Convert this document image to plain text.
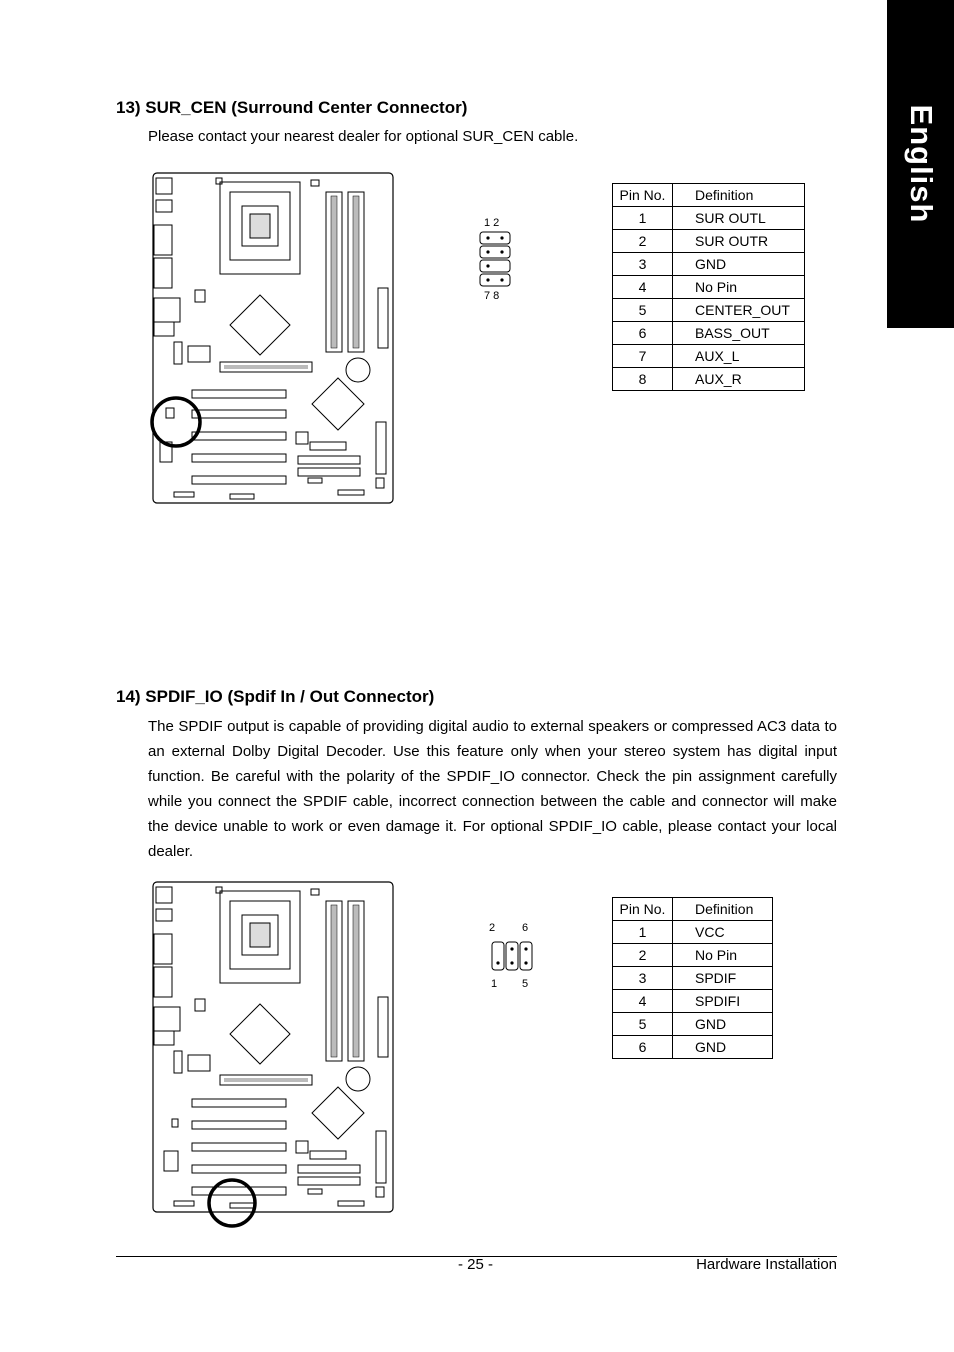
English
13) SUR_CEN (Surround Center Connector)
Please contact your nearest dealer for optional SUR_CEN cable.
1 2
7 8
Pin No.	Definition
1	SUR OUTL
2	SUR OUTR
3	GND
4	No Pin
5	CENTER_OUT
6	BASS_OUT
7	AUX_L
8	AUX_R
14) SPDIF_IO (Spdif In / Out Connector)
The SPDIF output is capable of providing digital audio to external speakers or compressed AC3 data to an external Dolby Digital Decoder. Use this feature only when your stereo system has digital input function. Be careful with the polarity of the SPDIF_IO connector. Check the pin assignment carefully while you connect the SPDIF cable, incorrect connection between the cable and connector will make the device unable to work or even damage it. For optional SPDIF_IO cable, please contact your local dealer.
2 6
1 5
Pin No.	Definition
1	VCC
2	No Pin
3	SPDIF
4	SPDIFI
5	GND
6	GND
- 25 -	Hardware Installation
